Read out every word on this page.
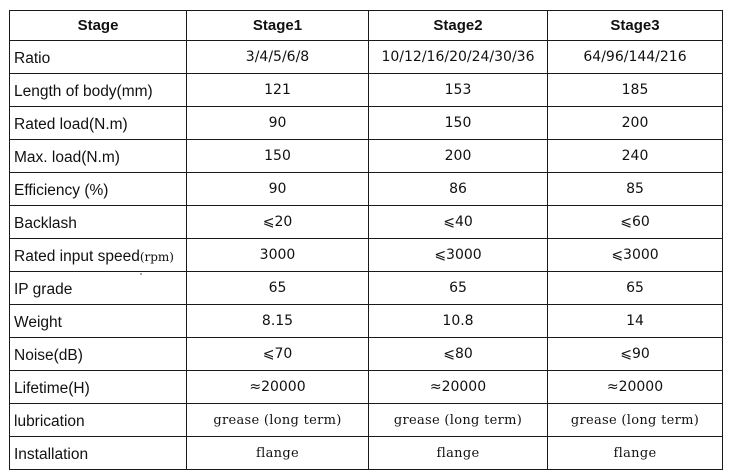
Stage	Stage1	Stage2	Stage3
Ratio	3/4/5/6/8	10/12/16/20/24/30/36	64/96/144/216
Length of body(mm)	121	153	185
Rated load(N.m)	90	150	200
Max. load(N.m)	150	200	240
Efficiency (%)	90	86	85
Backlash	⩽20	⩽40	⩽60
Rated input speed(rpm)	3000	⩽3000	⩽3000
IP grade	65	65	65
Weight	8.15	10.8	14
Noise(dB)	⩽70	⩽80	⩽90
Lifetime(H)	≈20000	≈20000	≈20000
lubrication	grease (long term)	grease (long term)	grease (long term)
Installation	flange	flange	flange
